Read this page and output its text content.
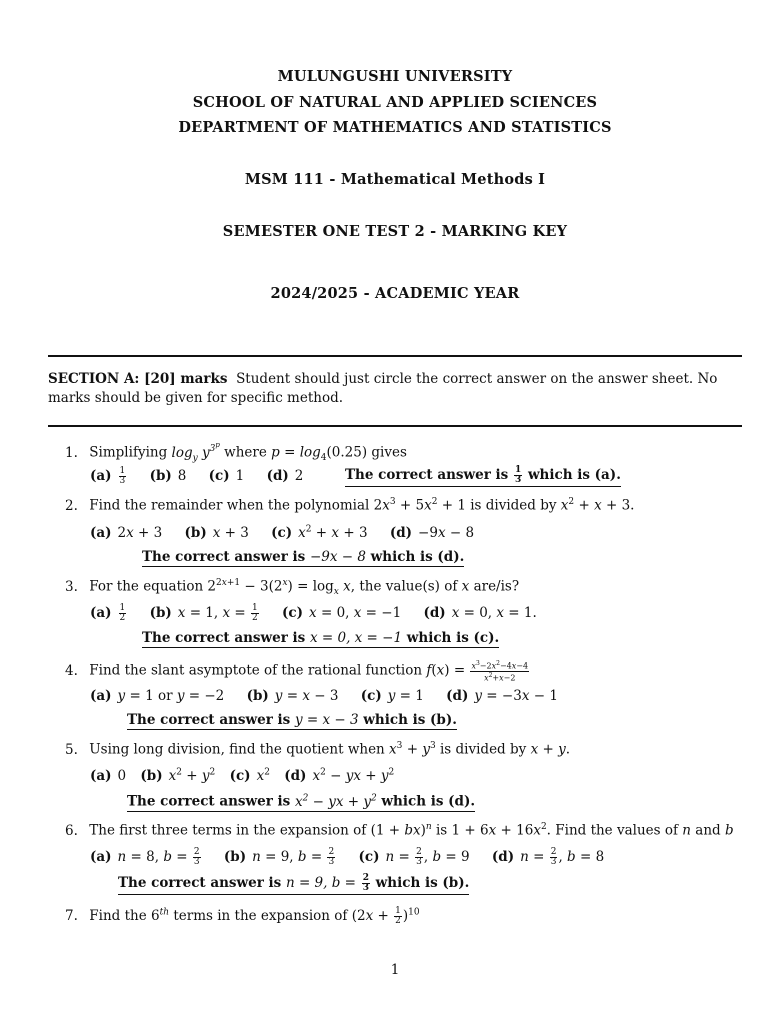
MULUNGUSHI UNIVERSITY
SCHOOL OF NATURAL AND APPLIED SCIENCES
DEPARTMENT OF MATHEMATICS AND STATISTICS
MSM 111 - Mathematical Methods I
SEMESTER ONE TEST 2 - MARKING KEY
2024/2025 - ACADEMIC YEAR
SECTION A: [20] marks Student should just circle the correct answer on the answer sheet. No marks should be given for specific method.
1. Simplifying $\log_y y^{3^p}$ where $p = \log_4(0.25)$ gives
$(a) \frac{1}{3} (b)$ 8 (c) 1 (d) 2	The correct answer is $\frac{1}{3}$ which is (a).
2. Find the remainder when the polynomial $2x^3 + 5x^2 + 1$ is divided by $x^2 + x + 3$.
(a) 2x + 3 (b) x + 3 (c) $x^2 + x + 3$ (d) −9x − 8
The correct answer is −9x − 8 which is (d).
3. For the equation $2^{2x+1} - 3(2^x) = \log_x x$, the value(s) of x are/is?
$(a) \frac{1}{2} (b) x = 1$, $x = \frac{1}{2} (c) x = 0$, x = −1 (d) x = 0, x = 1.
The correct answer is x = 0, x = −1 which is (c).
4. Find the slant asymptote of the rational function $f(x) = \frac{x^3-2x^2-4x-4}{x^2+x-2}$
(a) y = 1 or y = −2 (b) y = x − 3 (c) y = 1 (d) y = −3x − 1
The correct answer is y = x − 3 which is (b).
5. Using long division, find the quotient when $x^3 + y^3$ is divided by x + y.
(a) 0 (b) $x^2 + y^2$ (c) $x^2$ (d) $x^2$ − yx + $y^2$
The correct answer is $x^2$ − yx + $y^2$ which is (d).
6. The first three terms in the expansion of (1 + bx)$^n$ is $1 + 6x + 16x^2$. Find the values of n and b
(a) n = 8, $b = \frac{2}{3} (b) n = 9$, $b = \frac{2}{3} (c) n = \frac{2}{3}$ , b = 9 (d) $n = \frac{2}{3}$ , b = 8
The correct answer is n = 9, $b = \frac{2}{3}$ which is (b).
7. Find the 6th terms in the expansion of $(2x + \frac{1}{2} )^{10}$
1
